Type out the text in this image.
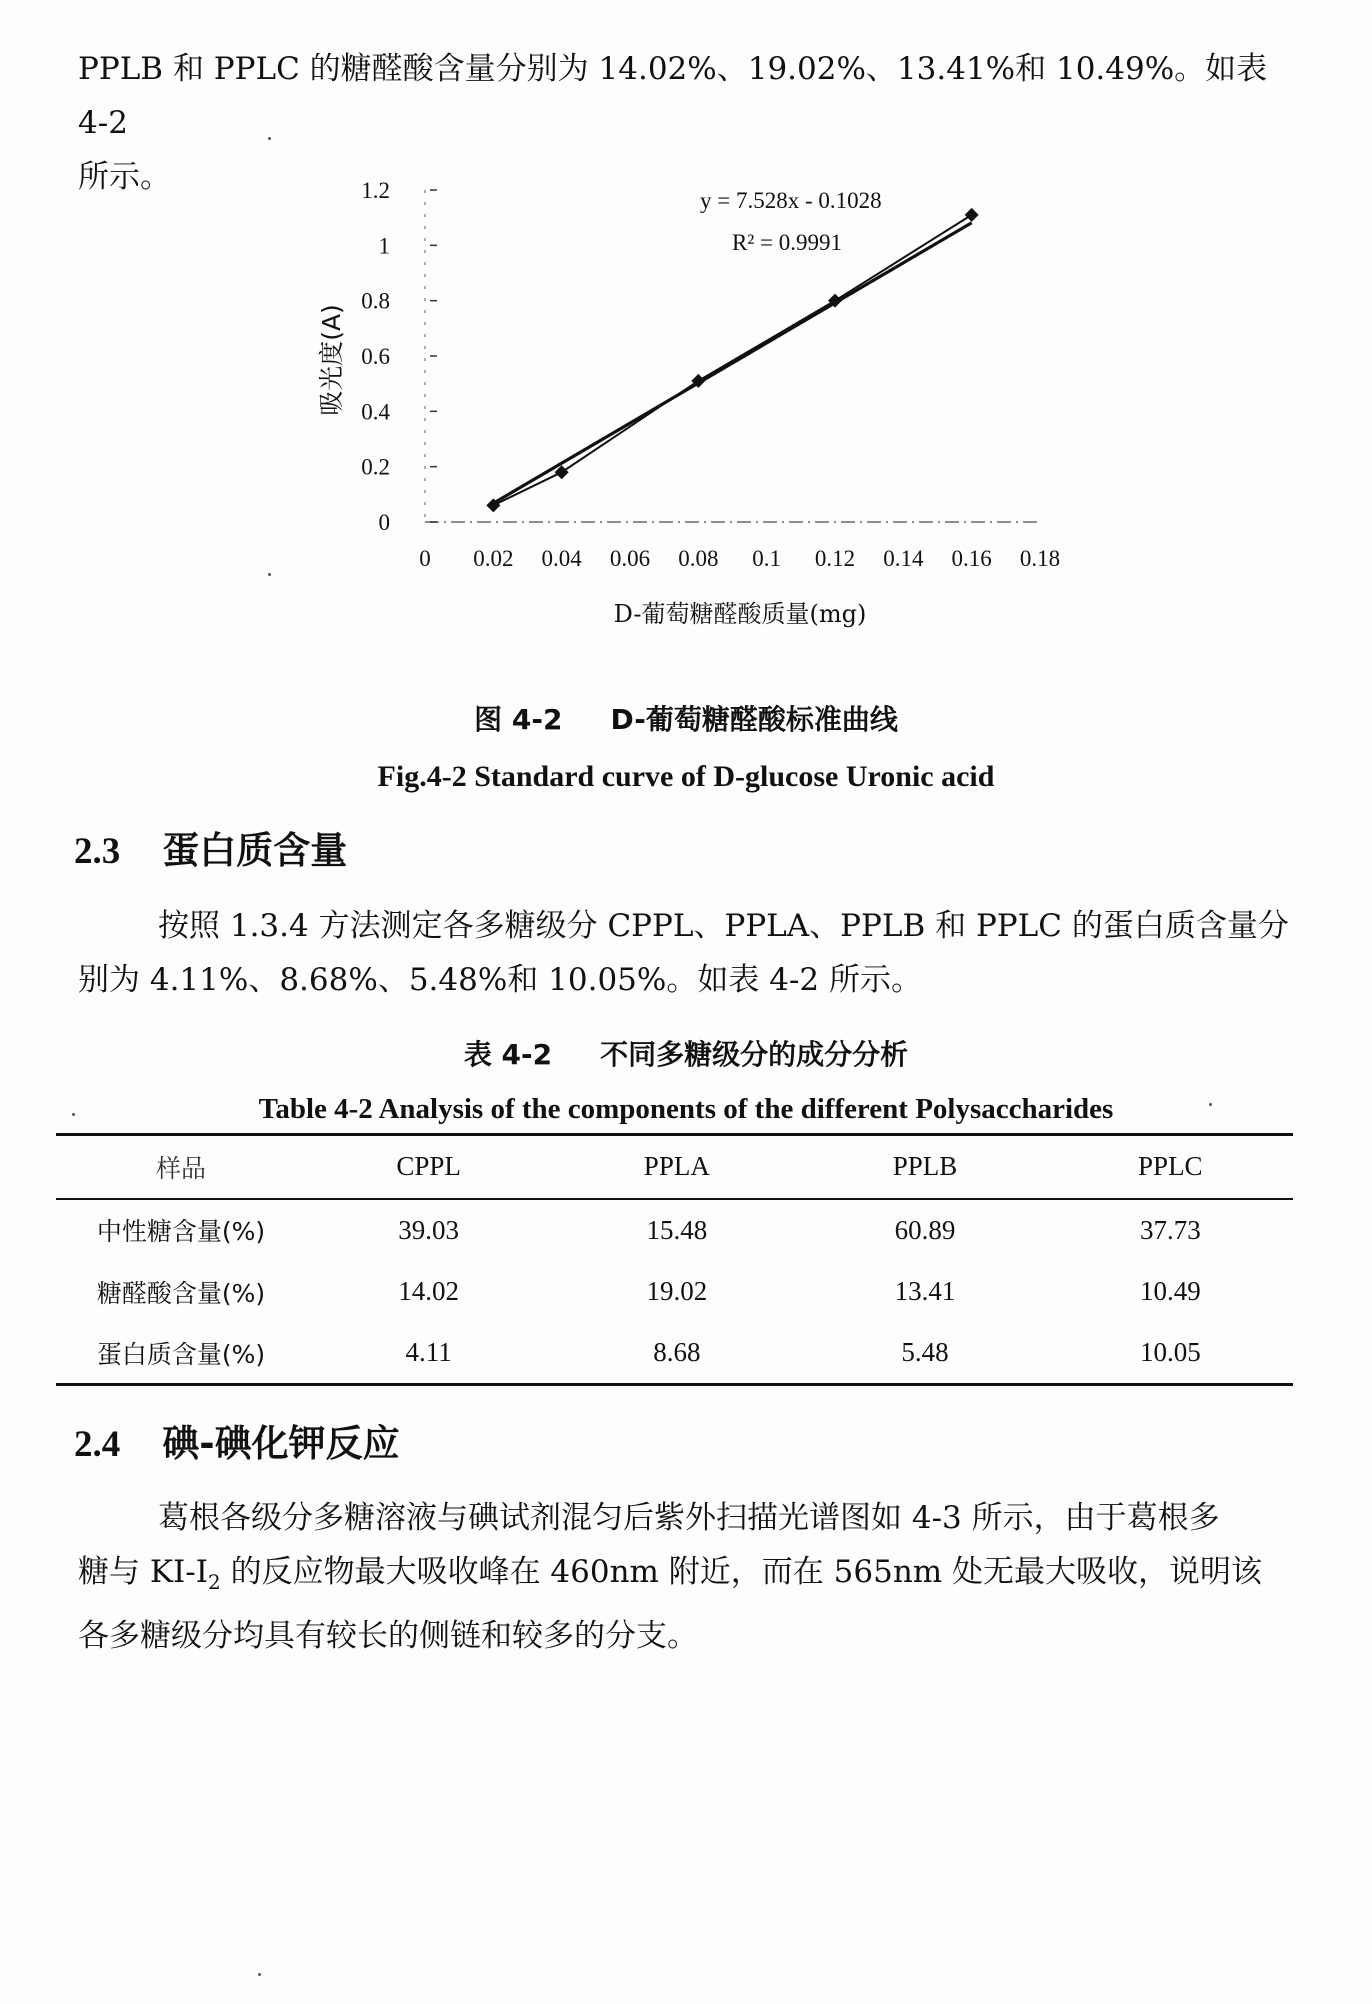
PPLB 和 PPLC 的糖醛酸含量分别为 14.02%、19.02%、13.41%和 10.49%。如表 4-2
所示。

y = 7.528x - 0.1028
R² = 0.9991
吸光度(A)
D-葡萄糖醛酸质量(mg)
0
0.2
0.4
0.6
0.8
1
1.2
0 0.02 0.04 0.06 0.08 0.1 0.12 0.14 0.16 0.18

图 4-2 D-葡萄糖醛酸标准曲线

Fig.4-2 Standard curve of D-glucose Uronic acid

2.3 蛋白质含量

按照 1.3.4 方法测定各多糖级分 CPPL、PPLA、PPLB 和 PPLC 的蛋白质含量分
别为 4.11%、8.68%、5.48%和 10.05%。如表 4-2 所示。

表 4-2 不同多糖级分的成分分析

Table 4-2 Analysis of the components of the different Polysaccharides

样品	CPPL	PPLA	PPLB	PPLC
中性糖含量(%)	39.03	15.48	60.89	37.73
糖醛酸含量(%)	14.02	19.02	13.41	10.49
蛋白质含量(%)	4.11	8.68	5.48	10.05
2.4 碘-碘化钾反应

葛根各级分多糖溶液与碘试剂混匀后紫外扫描光谱图如 4-3 所示，由于葛根多
糖与 $KI-I_2$ 的反应物最大吸收峰在 460nm 附近，而在 565nm 处无最大吸收，说明该
各多糖级分均具有较长的侧链和较多的分支。
